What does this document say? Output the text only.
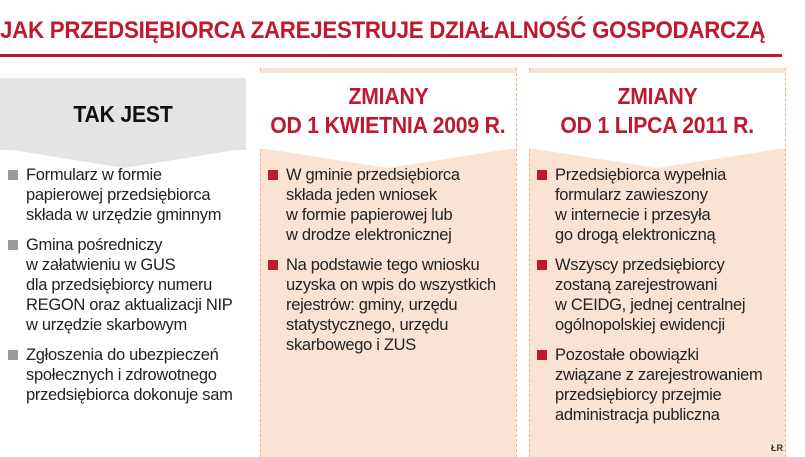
JAK PRZEDSIĘBIORCA ZAREJESTRUJE DZIAŁALNOŚĆ GOSPODARCZĄ
TAK JEST
Formularz w formie
papierowej przedsiębiorca
składa w urzędzie gminnym
Gmina pośredniczy
w załatwieniu w GUS
dla przedsiębiorcy numeru
REGON oraz aktualizacji NIP
w urzędzie skarbowym
Zgłoszenia do ubezpieczeń
społecznych i zdrowotnego
przedsiębiorca dokonuje sam
ZMIANY
OD 1 KWIETNIA 2009 R.
W gminie przedsiębiorca
składa jeden wniosek
w formie papierowej lub
w drodze elektronicznej
Na podstawie tego wniosku
uzyska on wpis do wszystkich
rejestrów: gminy, urzędu
statystycznego, urzędu
skarbowego i ZUS
ZMIANY
OD 1 LIPCA 2011 R.
Przedsiębiorca wypełnia
formularz zawieszony
w internecie i przesyła
go drogą elektroniczną
Wszyscy przedsiębiorcy
zostaną zarejestrowani
w CEIDG, jednej centralnej
ogólnopolskiej ewidencji
Pozostałe obowiązki
związane z zarejestrowaniem
przedsiębiorcy przejmie
administracja publiczna
ŁR
